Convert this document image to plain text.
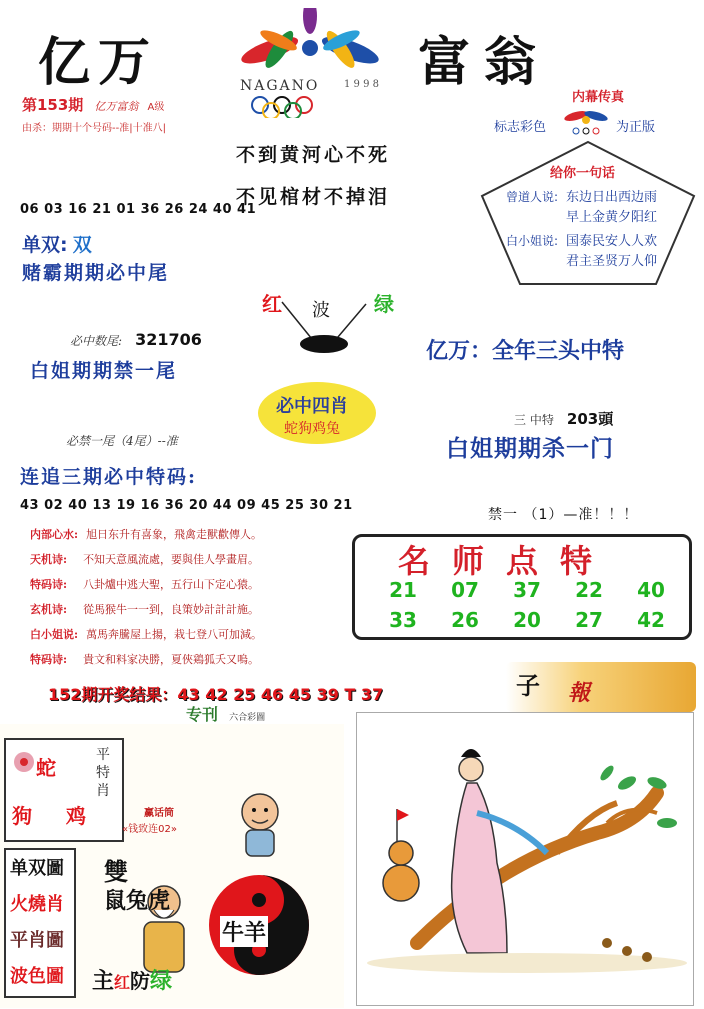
亿万	NAGANO 1 9 9 8 富翁
第153期 亿万富翁 A级
由杀：期期十个号码--准|十准八|
不到黄河心不死
不见棺材不掉泪
内幕传真
标志彩色	为正版
给你一句话
曾道人说: 东边日出西边雨
早上金黄夕阳红
白小姐说: 国泰民安人人欢
君主圣贤万人仰
06 03 16 21 01 36 26 24 40 41
单双: 双
赌霸期期必中尾
红 波 绿
必中数尾: 321706
白姐期期禁一尾
亿万：全年三头中特
必中四肖
蛇狗鸡兔
三 中特 203頭
白姐期期杀一门
必禁一尾（4尾）--准
连追三期必中特码:
43 02 40 13 19 16 36 20 44 09 45 25 30 21
禁一 （1）—准！！！
内部心水: 旭日东升有喜象，飛禽走獸歡傳人。
天机诗: 不知天意風流處，要與佳人學畫眉。
特码诗: 八卦爐中逃大聖，五行山下定心猿。
玄机诗: 從馬猴牛一一到，良策妙計計計施。
白小姐说: 萬馬奔騰屋上揚，栽七登八可加減。
特码诗: 貴文和料家决勝，夏俠鶏狐夭又嗚。
名师点特
21 07 37 22 40
33 26 20 27 42
152期开奖结果：43 42 25 46 45 39 T 37	子 報
专刊 六合彩圖
蛇
狗 鸡
平特肖
赢话筒
«钱致连02»
单双圖
火燒肖
平肖圖
波色圖
雙
鼠兔虎
牛羊
主红防绿
